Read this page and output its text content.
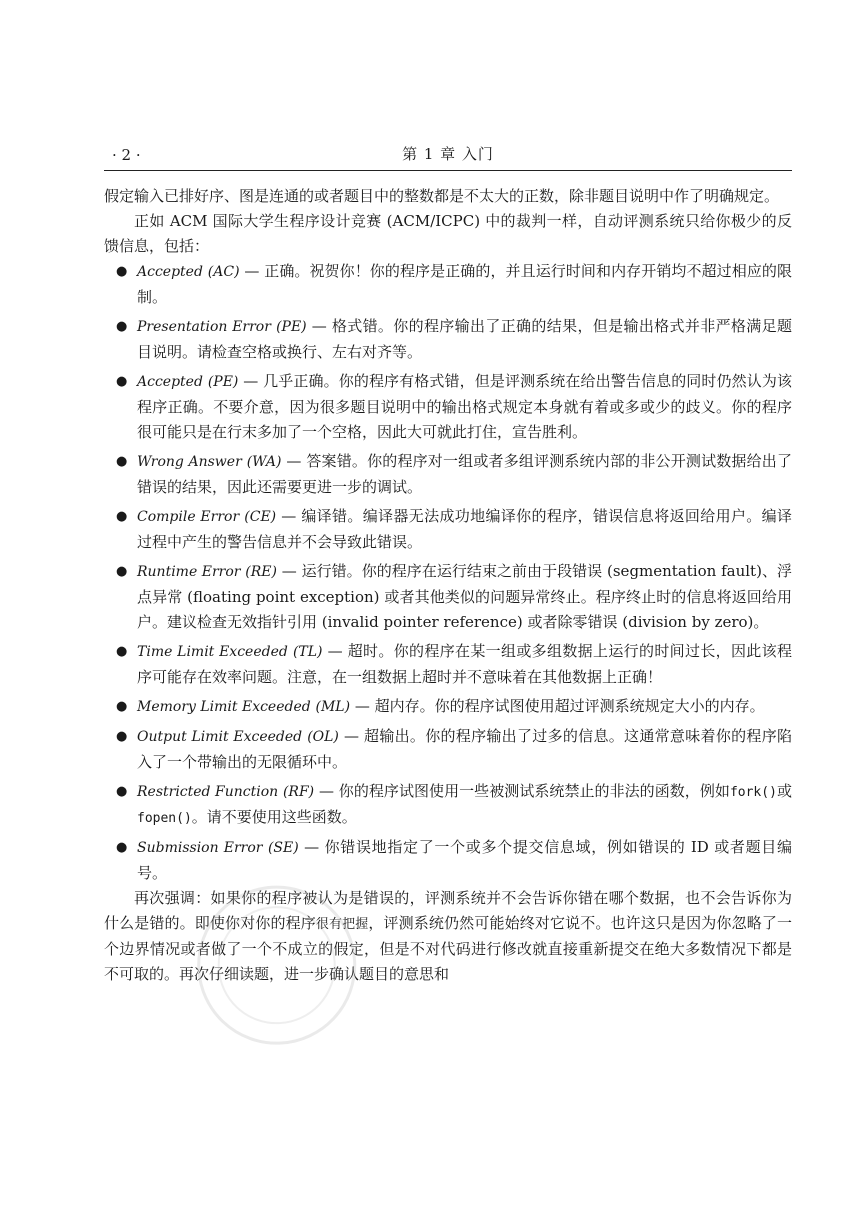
· 2 ·	第 1 章 入门

假定输入已排好序、图是连通的或者题目中的整数都是不太大的正数，除非题目说明中作了明确规定。

正如 ACM 国际大学生程序设计竞赛 (ACM/ICPC) 中的裁判一样，自动评测系统只给你极少的反馈信息，包括：

● Accepted (AC) — 正确。祝贺你！你的程序是正确的，并且运行时间和内存开销均不超过相应的限制。
● Presentation Error (PE) — 格式错。你的程序输出了正确的结果，但是输出格式并非严格满足题目说明。请检查空格或换行、左右对齐等。
● Accepted (PE) — 几乎正确。你的程序有格式错，但是评测系统在给出警告信息的同时仍然认为该程序正确。不要介意，因为很多题目说明中的输出格式规定本身就有着或多或少的歧义。你的程序很可能只是在行末多加了一个空格，因此大可就此打住，宣告胜利。
● Wrong Answer (WA) — 答案错。你的程序对一组或者多组评测系统内部的非公开测试数据给出了错误的结果，因此还需要更进一步的调试。
● Compile Error (CE) — 编译错。编译器无法成功地编译你的程序，错误信息将返回给用户。编译过程中产生的警告信息并不会导致此错误。
● Runtime Error (RE) — 运行错。你的程序在运行结束之前由于段错误 (segmentation fault)、浮点异常 (floating point exception) 或者其他类似的问题异常终止。程序终止时的信息将返回给用户。建议检查无效指针引用 (invalid pointer reference) 或者除零错误 (division by zero)。
● Time Limit Exceeded (TL) — 超时。你的程序在某一组或多组数据上运行的时间过长，因此该程序可能存在效率问题。注意，在一组数据上超时并不意味着在其他数据上正确！
● Memory Limit Exceeded (ML) — 超内存。你的程序试图使用超过评测系统规定大小的内存。
● Output Limit Exceeded (OL) — 超输出。你的程序输出了过多的信息。这通常意味着你的程序陷入了一个带输出的无限循环中。
● Restricted Function (RF) — 你的程序试图使用一些被测试系统禁止的非法的函数，例如fork()或fopen()。请不要使用这些函数。
● Submission Error (SE) — 你错误地指定了一个或多个提交信息域，例如错误的 ID 或者题目编号。

再次强调：如果你的程序被认为是错误的，评测系统并不会告诉你错在哪个数据，也不会告诉你为什么是错的。即使你对你的程序很有把握，评测系统仍然可能始终对它说不。也许这只是因为你忽略了一个边界情况或者做了一个不成立的假定，但是不对代码进行修改就直接重新提交在绝大多数情况下都是不可取的。再次仔细读题，进一步确认题目的意思和
